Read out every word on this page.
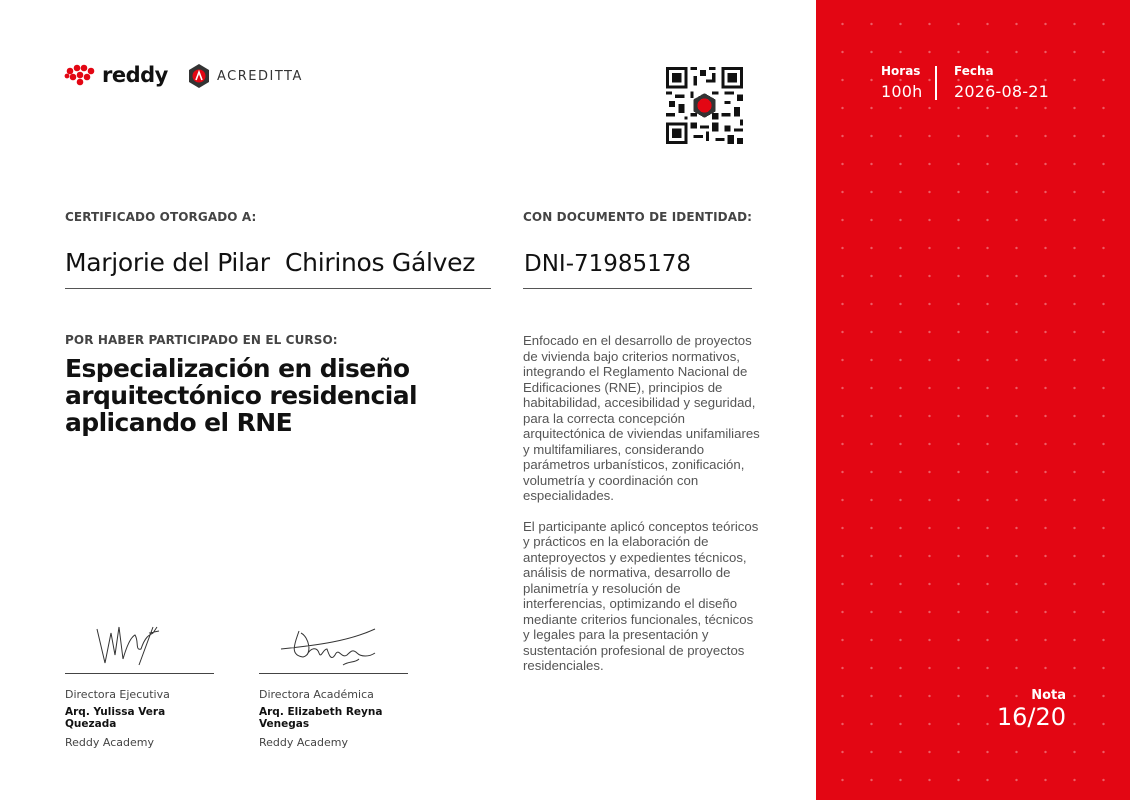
reddy	ACREDITTA
CERTIFICADO OTORGADO A:
Marjorie del Pilar Chirinos Gálvez
CON DOCUMENTO DE IDENTIDAD:
DNI-71985178
POR HABER PARTICIPADO EN EL CURSO:
Especialización en diseño
arquitectónico residencial
aplicando el RNE

Enfocado en el desarrollo de proyectos de vivienda bajo criterios normativos, integrando el Reglamento Nacional de Edificaciones (RNE), principios de habitabilidad, accesibilidad y seguridad, para la correcta concepción arquitectónica de viviendas unifamiliares y multifamiliares, considerando parámetros urbanísticos, zonificación, volumetría y coordinación con especialidades.

El participante aplicó conceptos teóricos y prácticos en la elaboración de anteproyectos y expedientes técnicos, análisis de normativa, desarrollo de planimetría y resolución de interferencias, optimizando el diseño mediante criterios funcionales, técnicos y legales para la presentación y sustentación profesional de proyectos residenciales.

Directora Ejecutiva
Arq. Yulissa Vera Quezada
Reddy Academy
Directora Académica
Arq. Elizabeth Reyna Venegas
Reddy Academy
Horas
100h
Fecha
2026-08-21
Nota
16/20
